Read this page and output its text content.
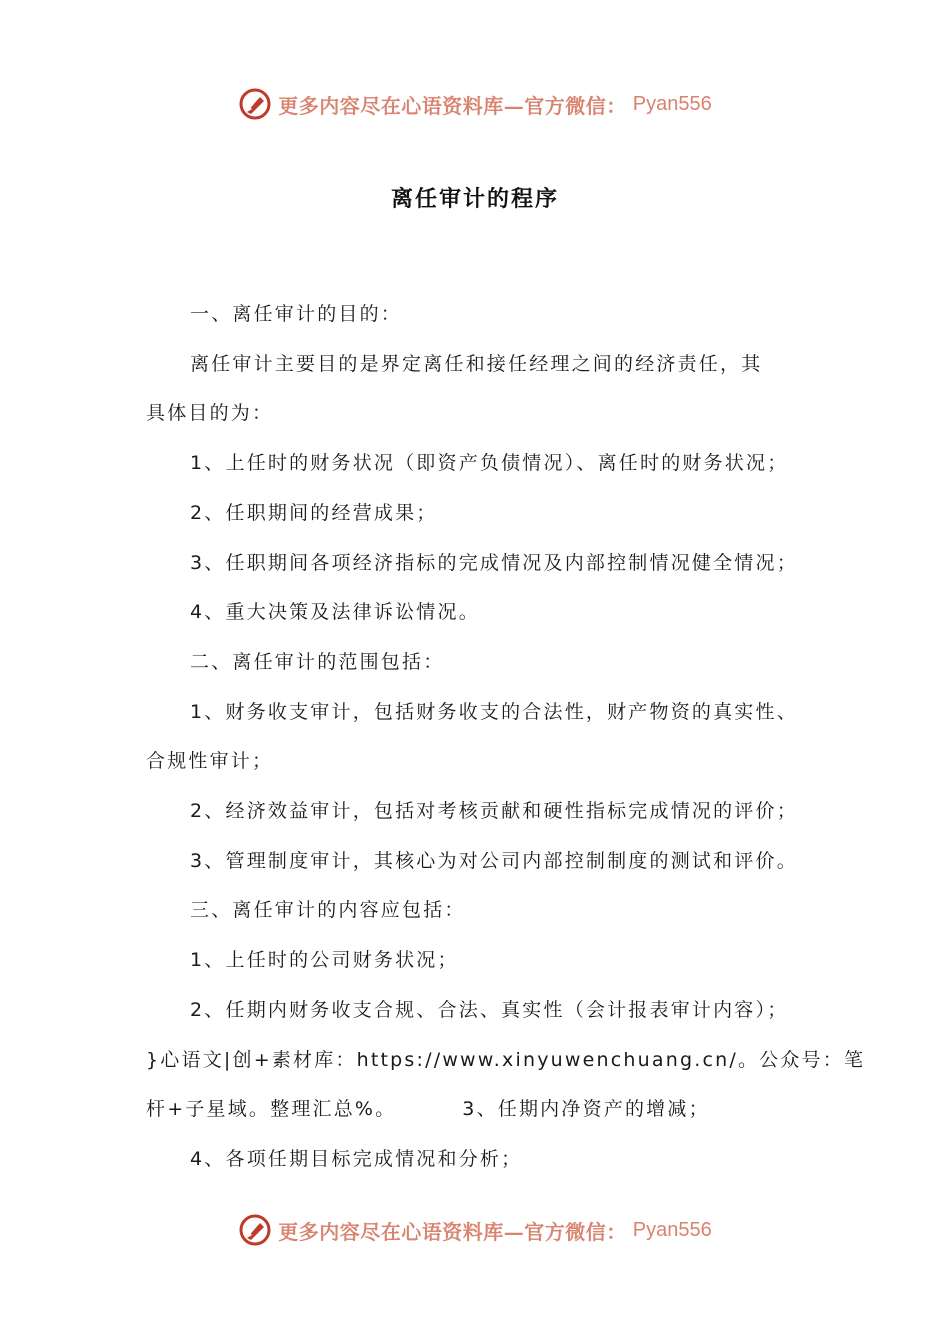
更多内容尽在心语资料库—官方微信： Pyan556
离任审计的程序

一、离任审计的目的：

离任审计主要目的是界定离任和接任经理之间的经济责任，其

具体目的为：

1、上任时的财务状况（即资产负债情况）、离任时的财务状况；

2、任职期间的经营成果；

3、任职期间各项经济指标的完成情况及内部控制情况健全情况；

4、重大决策及法律诉讼情况。

二、离任审计的范围包括：

1、财务收支审计，包括财务收支的合法性，财产物资的真实性、

合规性审计；

2、经济效益审计，包括对考核贡献和硬性指标完成情况的评价；

3、管理制度审计，其核心为对公司内部控制制度的测试和评价。

三、离任审计的内容应包括：

1、上任时的公司财务状况；

2、任期内财务收支合规、合法、真实性（会计报表审计内容）；

}心语文|创+素材库：https://www.xinyuwenchuang.cn/。公众号：笔

杆+子星域。整理汇总%。        3、任期内净资产的增减；

4、各项任期目标完成情况和分析；

更多内容尽在心语资料库—官方微信： Pyan556
